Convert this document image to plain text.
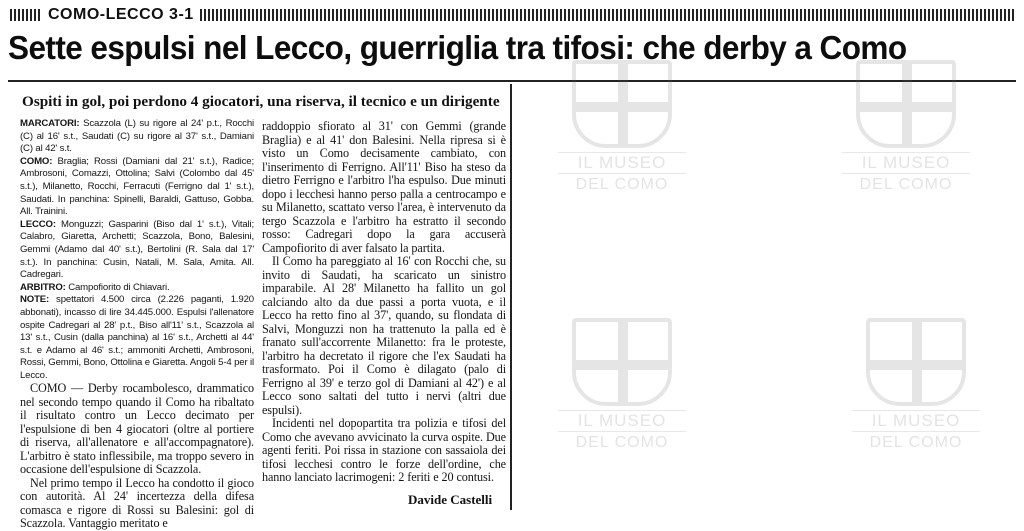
COMO-LECCO 3-1
Sette espulsi nel Lecco, guerriglia tra tifosi: che derby a Como
Ospiti in gol, poi perdono 4 giocatori, una riserva, il tecnico e un dirigente

MARCATORI: Scazzola (L) su rigore al 24' p.t., Rocchi (C) al 16' s.t., Saudati (C) su rigore al 37' s.t., Damiani (C) al 42' s.t.

COMO: Braglia; Rossi (Damiani dal 21' s.t.), Radice; Ambrosoni, Comazzi, Ottolina; Salvi (Colombo dal 45' s.t.), Milanetto, Rocchi, Ferracuti (Ferrigno dal 1' s.t.), Saudati. In panchina: Spinelli, Baraldi, Gattuso, Gobba. All. Trainini.

LECCO: Monguzzi; Gasparini (Biso dal 1' s.t.), Vitali; Calabro, Giaretta, Archetti; Scazzola, Bono, Balesini, Gemmi (Adamo dal 40' s.t.), Bertolini (R. Sala dal 17' s.t.). In panchina: Cusin, Natali, M. Sala, Amita. All. Cadregari.

ARBITRO: Campofiorito di Chiavari.

NOTE: spettatori 4.500 circa (2.226 paganti, 1.920 abbonati), incasso di lire 34.445.000. Espulsi l'allenatore ospite Cadregari al 28' p.t., Biso all'11' s.t., Scazzola al 13' s.t., Cusin (dalla panchina) al 16' s.t., Archetti al 44' s.t. e Adamo al 46' s.t.; ammoniti Archetti, Ambrosoni, Rossi, Gemmi, Bono, Ottolina e Giaretta. Angoli 5-4 per il Lecco.

COMO — Derby rocambolesco, drammatico nel secondo tempo quando il Como ha ribaltato il risultato contro un Lecco decimato per l'espulsione di ben 4 giocatori (oltre al portiere di riserva, all'allenatore e all'accompagnatore). L'arbitro è stato inflessibile, ma troppo severo in occasione dell'espulsione di Scazzola.

Nel primo tempo il Lecco ha condotto il gioco con autorità. Al 24' incertezza della difesa comasca e rigore di Rossi su Balesini: gol di Scazzola. Vantaggio meritato e

raddoppio sfiorato al 31' con Gemmi (grande Braglia) e al 41' don Balesini. Nella ripresa si è visto un Como decisamente cambiato, con l'inserimento di Ferrigno. All'11' Biso ha steso da dietro Ferrigno e l'arbitro l'ha espulso. Due minuti dopo i lecchesi hanno perso palla a centrocampo e su Milanetto, scattato verso l'area, è intervenuto da tergo Scazzola e l'arbitro ha estratto il secondo rosso: Cadregari dopo la gara accuserà Campofiorito di aver falsato la partita.

Il Como ha pareggiato al 16' con Rocchi che, su invito di Saudati, ha scaricato un sinistro imparabile. Al 28' Milanetto ha fallito un gol calciando alto da due passi a porta vuota, e il Lecco ha retto fino al 37', quando, su flondata di Salvi, Monguzzi non ha trattenuto la palla ed è franato sull'accorrente Milanetto: fra le proteste, l'arbitro ha decretato il rigore che l'ex Saudati ha trasformato. Poi il Como è dilagato (palo di Ferrigno al 39' e terzo gol di Damiani al 42') e al Lecco sono saltati del tutto i nervi (altri due espulsi).

Incidenti nel dopopartita tra polizia e tifosi del Como che avevano avvicinato la curva ospite. Due agenti feriti. Poi rissa in stazione con sassaiola dei tifosi lecchesi contro le forze dell'ordine, che hanno lanciato lacrimogeni: 2 feriti e 20 contusi.

Davide Castelli
IL MUSEO
DEL COMO
IL MUSEO
DEL COMO
IL MUSEO
DEL COMO
IL MUSEO
DEL COMO
